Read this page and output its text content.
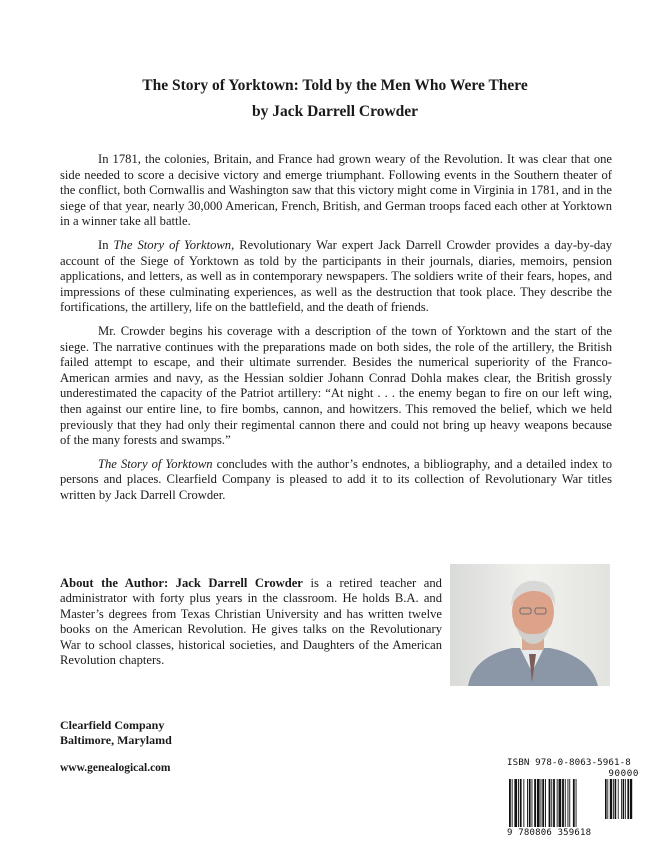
The Story of Yorktown: Told by the Men Who Were There
by Jack Darrell Crowder

In 1781, the colonies, Britain, and France had grown weary of the Revolution. It was clear that one side needed to score a decisive victory and emerge triumphant. Following events in the Southern theater of the conflict, both Cornwallis and Washington saw that this victory might come in Virginia in 1781, and in the siege of that year, nearly 30,000 American, French, British, and German troops faced each other at Yorktown in a winner take all battle.

In The Story of Yorktown, Revolutionary War expert Jack Darrell Crowder provides a day-by-day account of the Siege of Yorktown as told by the participants in their journals, diaries, memoirs, pension applications, and letters, as well as in contemporary newspapers. The soldiers write of their fears, hopes, and impressions of these culminating experiences, as well as the destruction that took place. They describe the fortifications, the artillery, life on the battlefield, and the death of friends.

Mr. Crowder begins his coverage with a description of the town of Yorktown and the start of the siege. The narrative continues with the preparations made on both sides, the role of the artillery, the British failed attempt to escape, and their ultimate surrender. Besides the numerical superiority of the Franco-American armies and navy, as the Hessian soldier Johann Conrad Dohla makes clear, the British grossly underestimated the capacity of the Patriot artillery: “At night . . . the enemy began to fire on our left wing, then against our entire line, to fire bombs, cannon, and howitzers. This removed the belief, which we held previously that they had only their regimental cannon there and could not bring up heavy weapons because of the many forests and swamps.”

The Story of Yorktown concludes with the author’s endnotes, a bibliography, and a detailed index to persons and places. Clearfield Company is pleased to add it to its collection of Revolutionary War titles written by Jack Darrell Crowder.

About the Author: Jack Darrell Crowder is a retired teacher and administrator with forty plus years in the classroom. He holds B.A. and Master’s degrees from Texas Christian University and has written twelve books on the American Revolution. He gives talks on the Revolutionary War to school classes, historical societies, and Daughters of the American Revolution chapters.
Clearfield Company
Baltimore, Marylamd
www.genealogical.com	ISBN 978-0-8063-5961-8
90000
9 780806 359618
